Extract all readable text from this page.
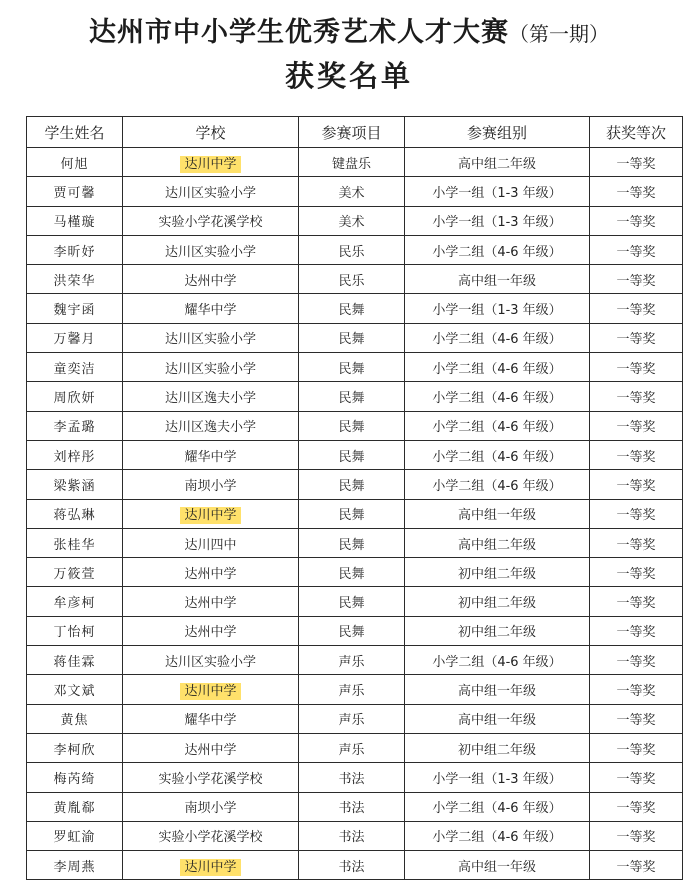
达州市中小学生优秀艺术人才大赛（第一期）
获奖名单
学生姓名	学校	参赛项目	参赛组别	获奖等次
何旭	达川中学	键盘乐	高中组二年级	一等奖
贾可馨	达川区实验小学	美术	小学一组（1-3 年级）	一等奖
马槿璇	实验小学花溪学校	美术	小学一组（1-3 年级）	一等奖
李昕妤	达川区实验小学	民乐	小学二组（4-6 年级）	一等奖
洪荣华	达州中学	民乐	高中组一年级	一等奖
魏宇函	耀华中学	民舞	小学一组（1-3 年级）	一等奖
万馨月	达川区实验小学	民舞	小学二组（4-6 年级）	一等奖
童奕洁	达川区实验小学	民舞	小学二组（4-6 年级）	一等奖
周欣妍	达川区逸夫小学	民舞	小学二组（4-6 年级）	一等奖
李孟璐	达川区逸夫小学	民舞	小学二组（4-6 年级）	一等奖
刘梓彤	耀华中学	民舞	小学二组（4-6 年级）	一等奖
梁紫涵	南坝小学	民舞	小学二组（4-6 年级）	一等奖
蒋弘琳	达川中学	民舞	高中组一年级	一等奖
张桂华	达川四中	民舞	高中组二年级	一等奖
万筱萱	达州中学	民舞	初中组二年级	一等奖
牟彦柯	达州中学	民舞	初中组二年级	一等奖
丁怡柯	达州中学	民舞	初中组二年级	一等奖
蒋佳霖	达川区实验小学	声乐	小学二组（4-6 年级）	一等奖
邓文斌	达川中学	声乐	高中组一年级	一等奖
黄焦	耀华中学	声乐	高中组一年级	一等奖
李柯欣	达州中学	声乐	初中组二年级	一等奖
梅芮绮	实验小学花溪学校	书法	小学一组（1-3 年级）	一等奖
黄胤郗	南坝小学	书法	小学二组（4-6 年级）	一等奖
罗虹渝	实验小学花溪学校	书法	小学二组（4-6 年级）	一等奖
李周燕	达川中学	书法	高中组一年级	一等奖
